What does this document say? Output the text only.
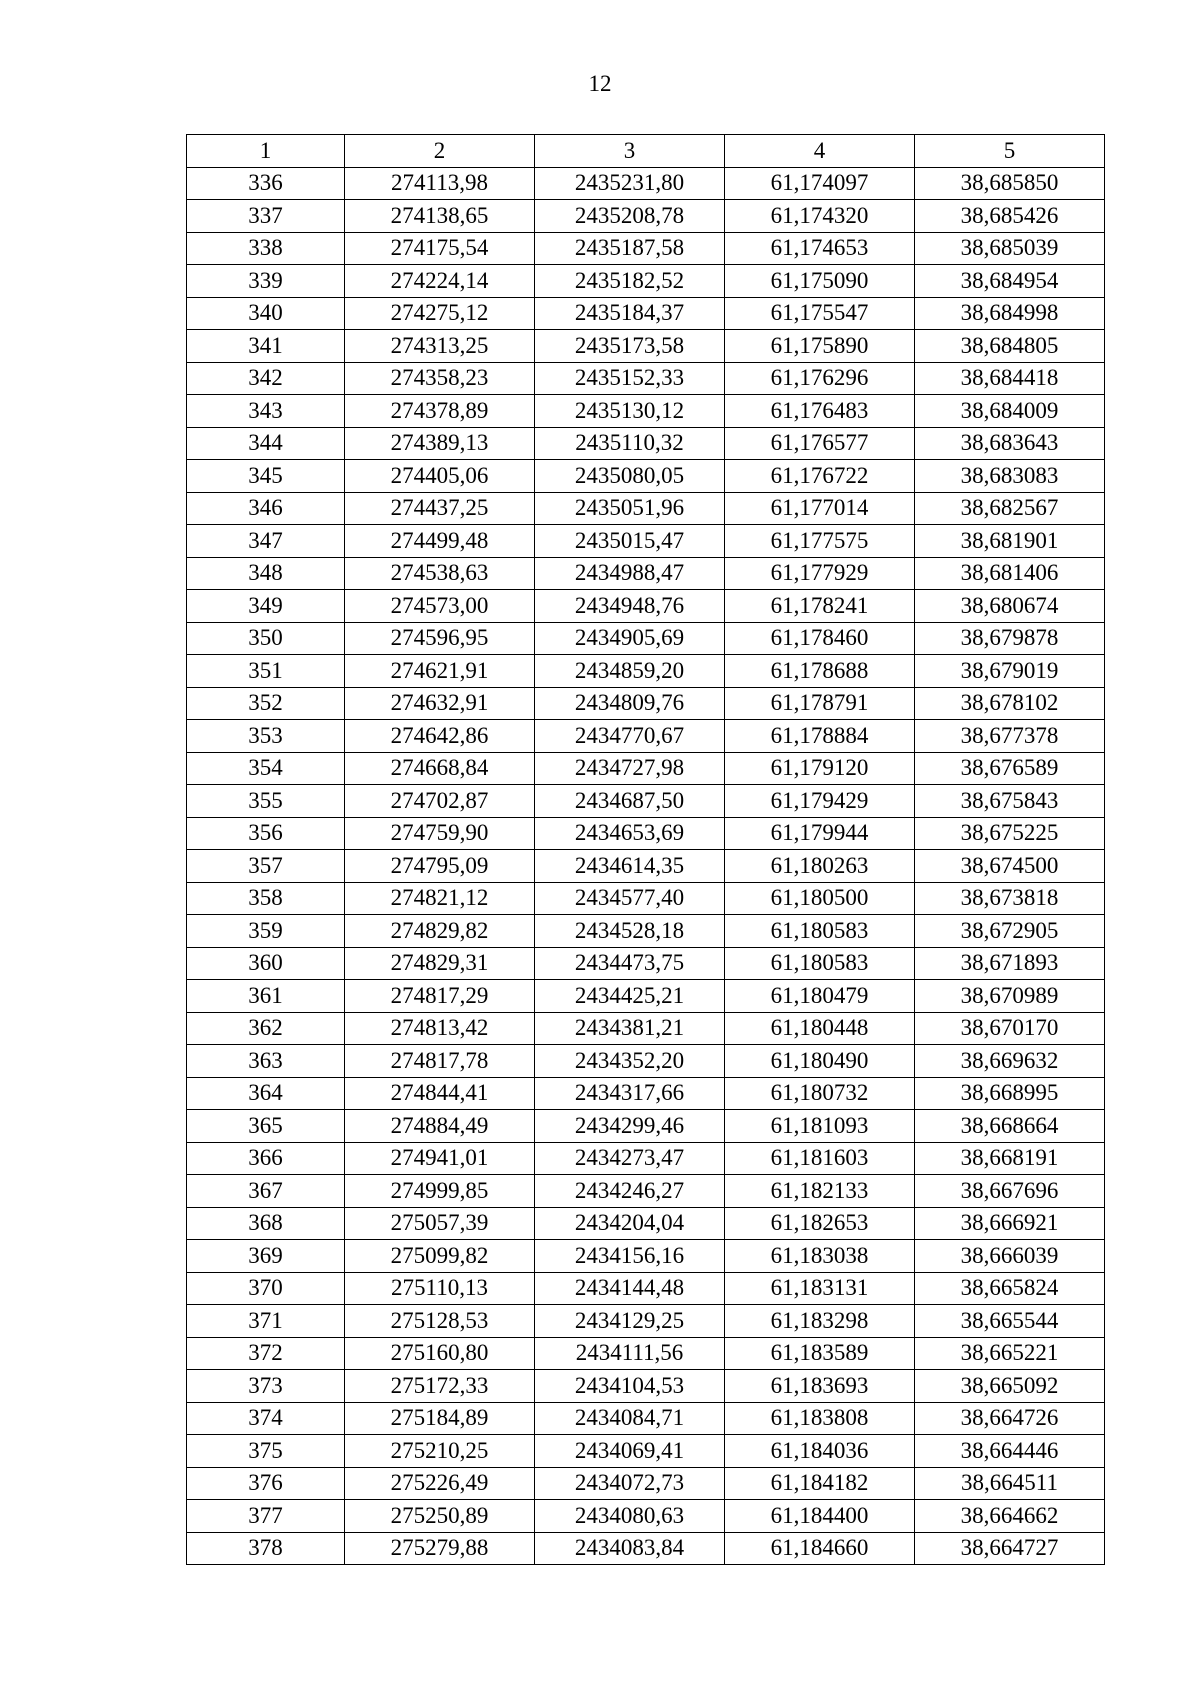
12
1	2	3	4	5
336	274113,98	2435231,80	61,174097	38,685850
337	274138,65	2435208,78	61,174320	38,685426
338	274175,54	2435187,58	61,174653	38,685039
339	274224,14	2435182,52	61,175090	38,684954
340	274275,12	2435184,37	61,175547	38,684998
341	274313,25	2435173,58	61,175890	38,684805
342	274358,23	2435152,33	61,176296	38,684418
343	274378,89	2435130,12	61,176483	38,684009
344	274389,13	2435110,32	61,176577	38,683643
345	274405,06	2435080,05	61,176722	38,683083
346	274437,25	2435051,96	61,177014	38,682567
347	274499,48	2435015,47	61,177575	38,681901
348	274538,63	2434988,47	61,177929	38,681406
349	274573,00	2434948,76	61,178241	38,680674
350	274596,95	2434905,69	61,178460	38,679878
351	274621,91	2434859,20	61,178688	38,679019
352	274632,91	2434809,76	61,178791	38,678102
353	274642,86	2434770,67	61,178884	38,677378
354	274668,84	2434727,98	61,179120	38,676589
355	274702,87	2434687,50	61,179429	38,675843
356	274759,90	2434653,69	61,179944	38,675225
357	274795,09	2434614,35	61,180263	38,674500
358	274821,12	2434577,40	61,180500	38,673818
359	274829,82	2434528,18	61,180583	38,672905
360	274829,31	2434473,75	61,180583	38,671893
361	274817,29	2434425,21	61,180479	38,670989
362	274813,42	2434381,21	61,180448	38,670170
363	274817,78	2434352,20	61,180490	38,669632
364	274844,41	2434317,66	61,180732	38,668995
365	274884,49	2434299,46	61,181093	38,668664
366	274941,01	2434273,47	61,181603	38,668191
367	274999,85	2434246,27	61,182133	38,667696
368	275057,39	2434204,04	61,182653	38,666921
369	275099,82	2434156,16	61,183038	38,666039
370	275110,13	2434144,48	61,183131	38,665824
371	275128,53	2434129,25	61,183298	38,665544
372	275160,80	2434111,56	61,183589	38,665221
373	275172,33	2434104,53	61,183693	38,665092
374	275184,89	2434084,71	61,183808	38,664726
375	275210,25	2434069,41	61,184036	38,664446
376	275226,49	2434072,73	61,184182	38,664511
377	275250,89	2434080,63	61,184400	38,664662
378	275279,88	2434083,84	61,184660	38,664727
